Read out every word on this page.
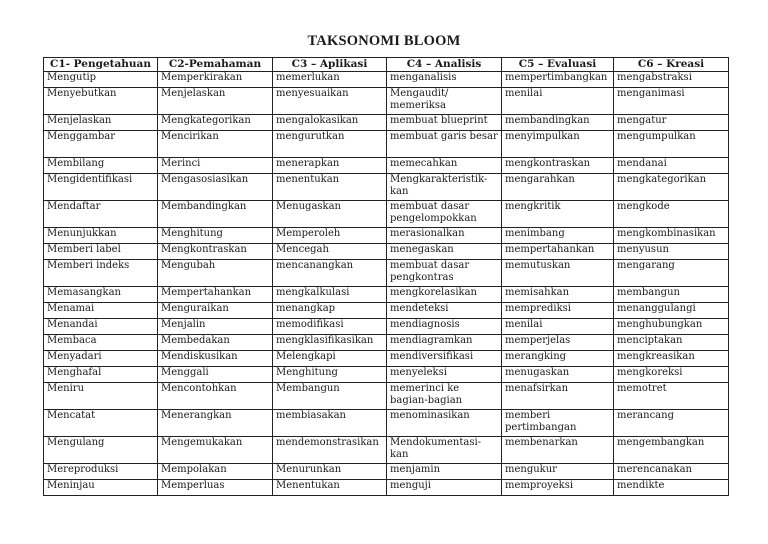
TAKSONOMI BLOOM
C1- Pengetahuan	C2-Pemahaman	C3 – Aplikasi	C4 – Analisis	C5 – Evaluasi	C6 – Kreasi
Mengutip	Memperkirakan	memerlukan	menganalisis	mempertimbangkan	mengabstraksi
Menyebutkan	Menjelaskan	menyesuaikan	Mengaudit/ memeriksa	menilai	menganimasi
Menjelaskan	Mengkategorikan	mengalokasikan	membuat blueprint	membandingkan	mengatur
Menggambar	Mencirikan	mengurutkan	membuat garis besar	menyimpulkan	mengumpulkan
Membilang	Merinci	menerapkan	memecahkan	mengkontraskan	mendanai
Mengidentifikasi	Mengasosiasikan	menentukan	Mengkarakteristik-kan	mengarahkan	mengkategorikan
Mendaftar	Membandingkan	Menugaskan	membuat dasar pengelompokkan	mengkritik	mengkode
Menunjukkan	Menghitung	Memperoleh	merasionalkan	menimbang	mengkombinasikan
Memberi label	Mengkontraskan	Mencegah	menegaskan	mempertahankan	menyusun
Memberi indeks	Mengubah	mencanangkan	membuat dasar pengkontras	memutuskan	mengarang
Memasangkan	Mempertahankan	mengkalkulasi	mengkorelasikan	memisahkan	membangun
Menamai	Menguraikan	menangkap	mendeteksi	memprediksi	menanggulangi
Menandai	Menjalin	memodifikasi	mendiagnosis	menilai	menghubungkan
Membaca	Membedakan	mengklasifikasikan	mendiagramkan	memperjelas	menciptakan
Menyadari	Mendiskusikan	Melengkapi	mendiversifikasi	merangking	mengkreasikan
Menghafal	Menggali	Menghitung	menyeleksi	menugaskan	mengkoreksi
Meniru	Mencontohkan	Membangun	memerinci ke bagian-bagian	menafsirkan	memotret
Mencatat	Menerangkan	membiasakan	menominasikan	memberi pertimbangan	merancang
Mengulang	Mengemukakan	mendemonstrasikan	Mendokumentasi-kan	membenarkan	mengembangkan
Mereproduksi	Mempolakan	Menurunkan	menjamin	mengukur	merencanakan
Meninjau	Memperluas	Menentukan	menguji	memproyeksi	mendikte
